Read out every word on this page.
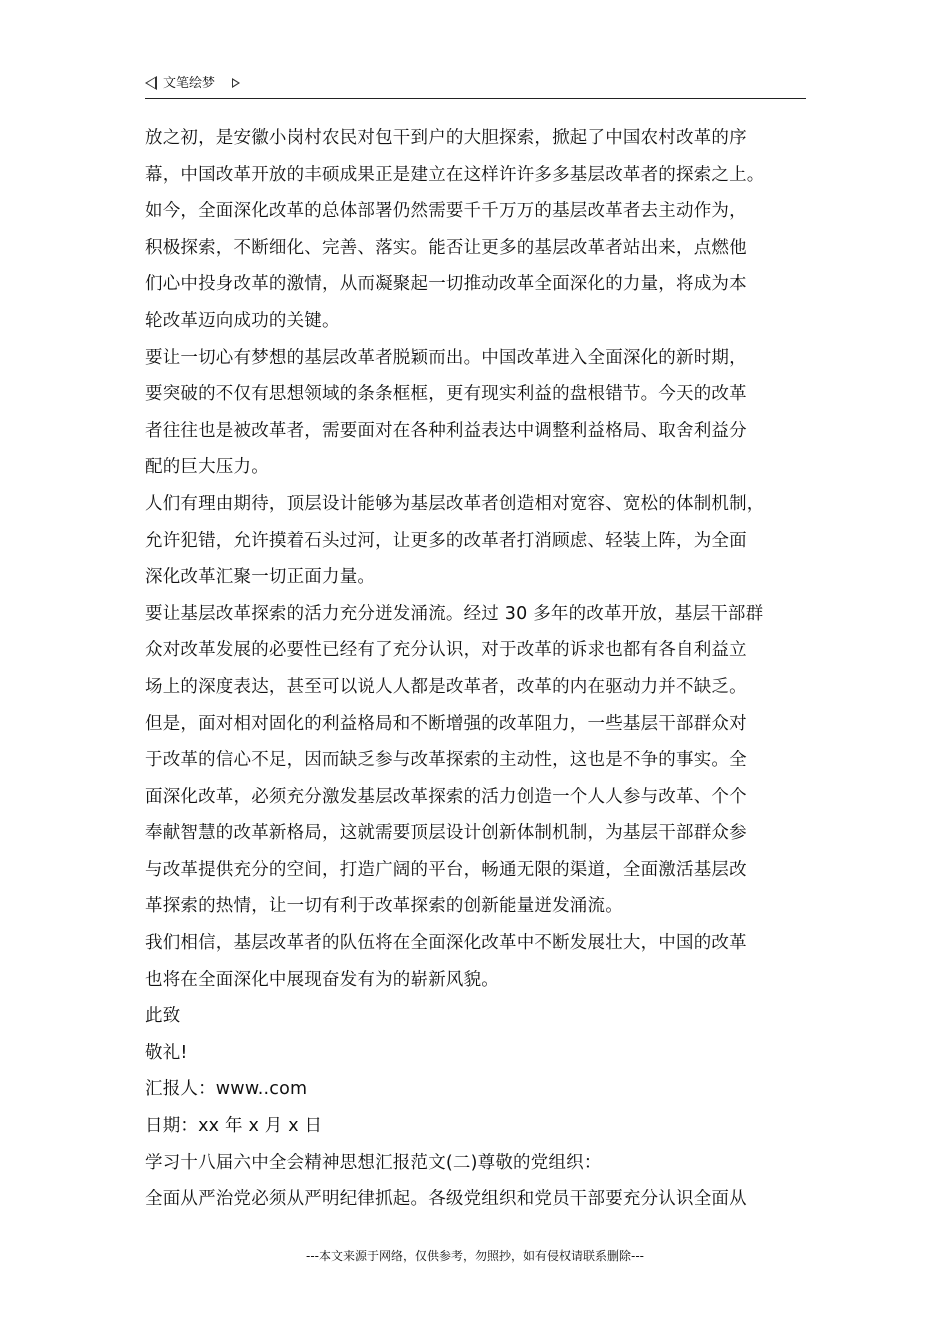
文笔绘梦
放之初，是安徽小岗村农民对包干到户的大胆探索，掀起了中国农村改革的序
幕，中国改革开放的丰硕成果正是建立在这样许许多多基层改革者的探索之上。
如今，全面深化改革的总体部署仍然需要千千万万的基层改革者去主动作为，
积极探索，不断细化、完善、落实。能否让更多的基层改革者站出来，点燃他
们心中投身改革的激情，从而凝聚起一切推动改革全面深化的力量，将成为本
轮改革迈向成功的关键。
要让一切心有梦想的基层改革者脱颖而出。中国改革进入全面深化的新时期，
要突破的不仅有思想领域的条条框框，更有现实利益的盘根错节。今天的改革
者往往也是被改革者，需要面对在各种利益表达中调整利益格局、取舍利益分
配的巨大压力。
人们有理由期待，顶层设计能够为基层改革者创造相对宽容、宽松的体制机制，
允许犯错，允许摸着石头过河，让更多的改革者打消顾虑、轻装上阵，为全面
深化改革汇聚一切正面力量。
要让基层改革探索的活力充分迸发涌流。经过 30 多年的改革开放，基层干部群
众对改革发展的必要性已经有了充分认识，对于改革的诉求也都有各自利益立
场上的深度表达，甚至可以说人人都是改革者，改革的内在驱动力并不缺乏。
但是，面对相对固化的利益格局和不断增强的改革阻力，一些基层干部群众对
于改革的信心不足，因而缺乏参与改革探索的主动性，这也是不争的事实。全
面深化改革，必须充分激发基层改革探索的活力创造一个人人参与改革、个个
奉献智慧的改革新格局，这就需要顶层设计创新体制机制，为基层干部群众参
与改革提供充分的空间，打造广阔的平台，畅通无限的渠道，全面激活基层改
革探索的热情，让一切有利于改革探索的创新能量迸发涌流。
我们相信，基层改革者的队伍将在全面深化改革中不断发展壮大，中国的改革
也将在全面深化中展现奋发有为的崭新风貌。
此致
敬礼!
汇报人：www..com
日期：xx 年 x 月 x 日
学习十八届六中全会精神思想汇报范文(二)尊敬的党组织：
全面从严治党必须从严明纪律抓起。各级党组织和党员干部要充分认识全面从
---本文来源于网络，仅供参考，勿照抄，如有侵权请联系删除---
